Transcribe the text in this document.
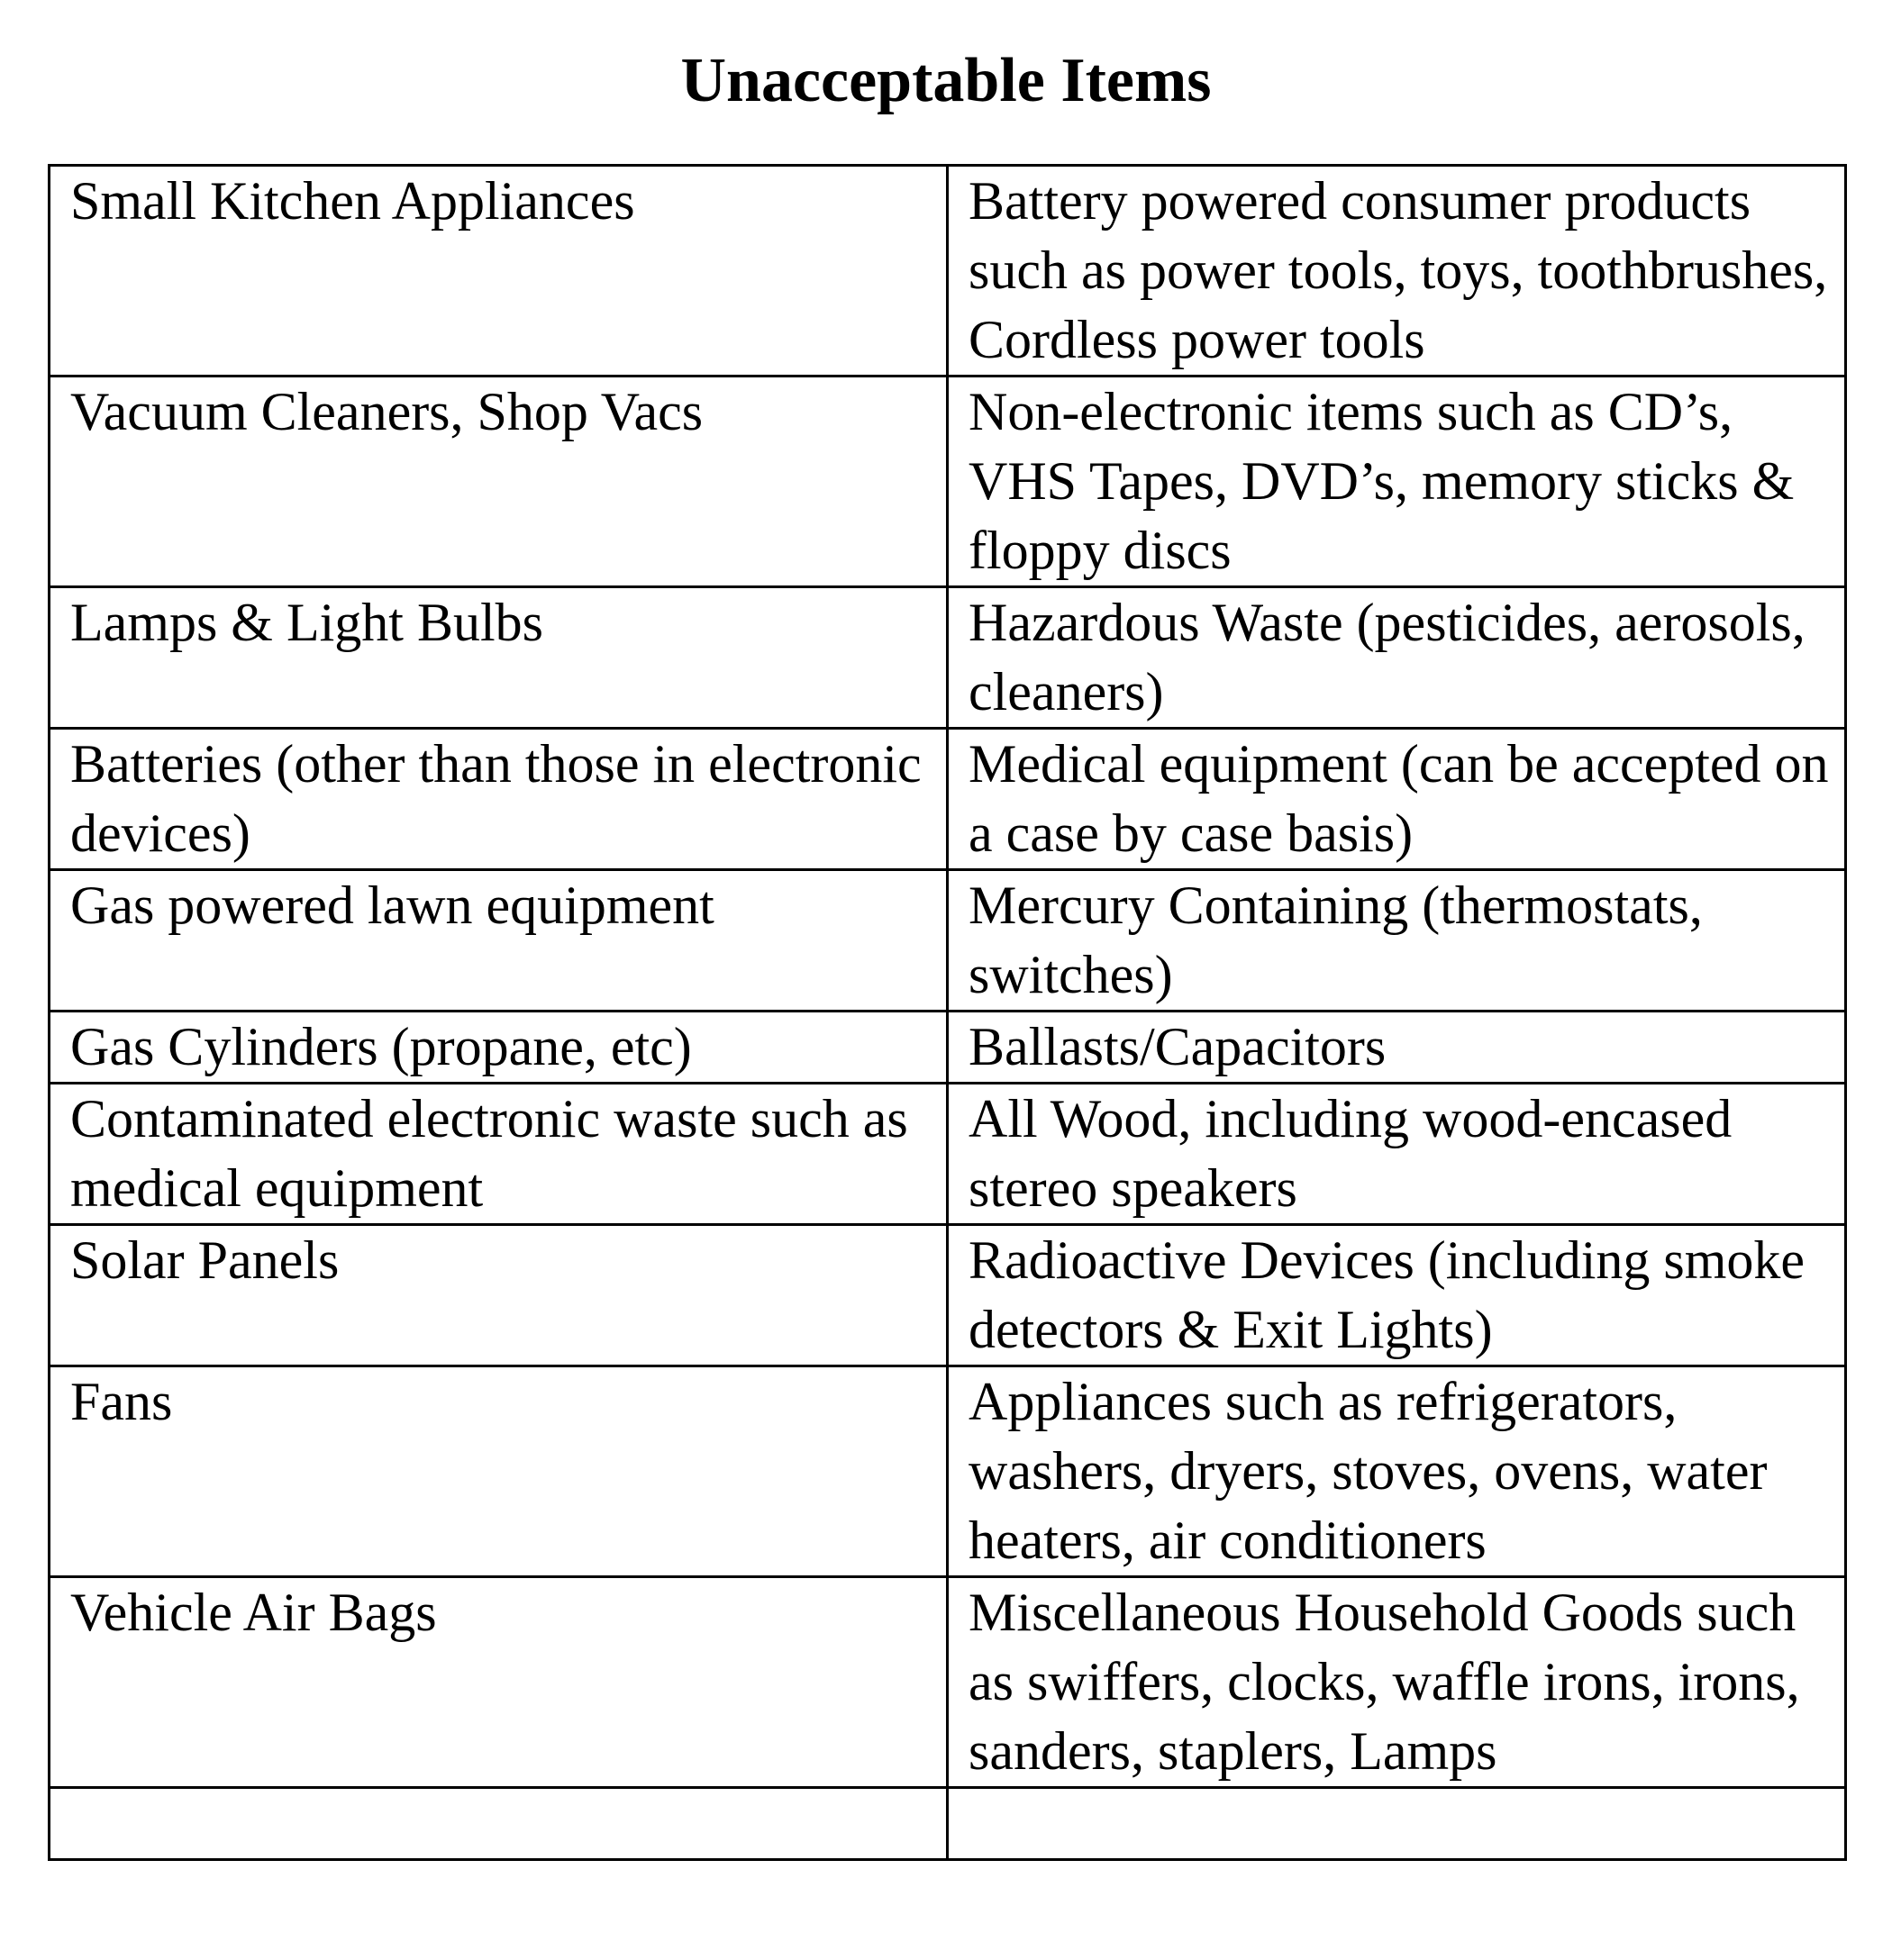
Unacceptable Items
Small Kitchen Appliances	Battery powered consumer products such as power tools, toys, toothbrushes, Cordless power tools
Vacuum Cleaners, Shop Vacs	Non-electronic items such as CD’s, VHS Tapes, DVD’s, memory sticks & floppy discs
Lamps & Light Bulbs	Hazardous Waste (pesticides, aerosols, cleaners)
Batteries (other than those in electronic devices)	Medical equipment (can be accepted on a case by case basis)
Gas powered lawn equipment	Mercury Containing (thermostats, switches)
Gas Cylinders (propane, etc)	Ballasts/Capacitors
Contaminated electronic waste such as medical equipment	All Wood, including wood-encased stereo speakers
Solar Panels	Radioactive Devices (including smoke detectors & Exit Lights)
Fans	Appliances such as refrigerators, washers, dryers, stoves, ovens, water heaters, air conditioners
Vehicle Air Bags	Miscellaneous Household Goods such as swiffers, clocks, waffle irons, irons, sanders, staplers, Lamps
